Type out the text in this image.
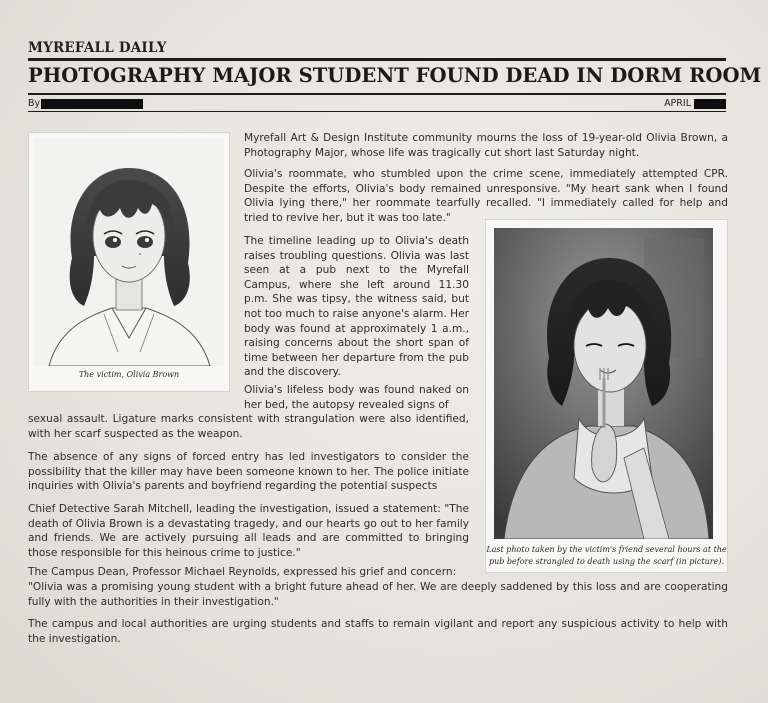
MYREFALL DAILY
PHOTOGRAPHY MAJOR STUDENT FOUND DEAD IN DORM ROOM
By	APRIL
The victim, Olivia Brown
Last photo taken by the victim's friend several hours at the
pub before strangled to death using the scarf (in picture).
Myrefall Art & Design Institute community mourns the loss of 19-year-old Olivia Brown, a Photography Major, whose life was tragically cut short last Saturday night.
Olivia's roommate, who stumbled upon the crime scene, immediately attempted CPR. Despite the efforts, Olivia's body remained unresponsive. "My heart sank when I found Olivia lying there," her roommate tearfully recalled. "I immediately called for help and tried to revive her, but it was too late."
The timeline leading up to Olivia's death raises troubling questions. Olivia was last seen at a pub next to the Myrefall Campus, where she left around 11.30 p.m. She was tipsy, the witness said, but not too much to raise anyone's alarm. Her body was found at approximately 1 a.m., raising concerns about the short span of time between her departure from the pub and the discovery.
Olivia's lifeless body was found naked on her bed, the autopsy revealed signs of
sexual assault. Ligature marks consistent with strangulation were also identified, with her scarf suspected as the weapon.
The absence of any signs of forced entry has led investigators to consider the possibility that the killer may have been someone known to her. The police initiate inquiries with Olivia's parents and boyfriend regarding the potential suspects
Chief Detective Sarah Mitchell, leading the investigation, issued a statement: "The death of Olivia Brown is a devastating tragedy, and our hearts go out to her family and friends. We are actively pursuing all leads and are committed to bringing those responsible for this heinous crime to justice."
The Campus Dean, Professor Michael Reynolds, expressed his grief and concern:
"Olivia was a promising young student with a bright future ahead of her. We are deeply saddened by this loss and are cooperating fully with the authorities in their investigation."
The campus and local authorities are urging students and staffs to remain vigilant and report any suspicious activity to help with the investigation.
